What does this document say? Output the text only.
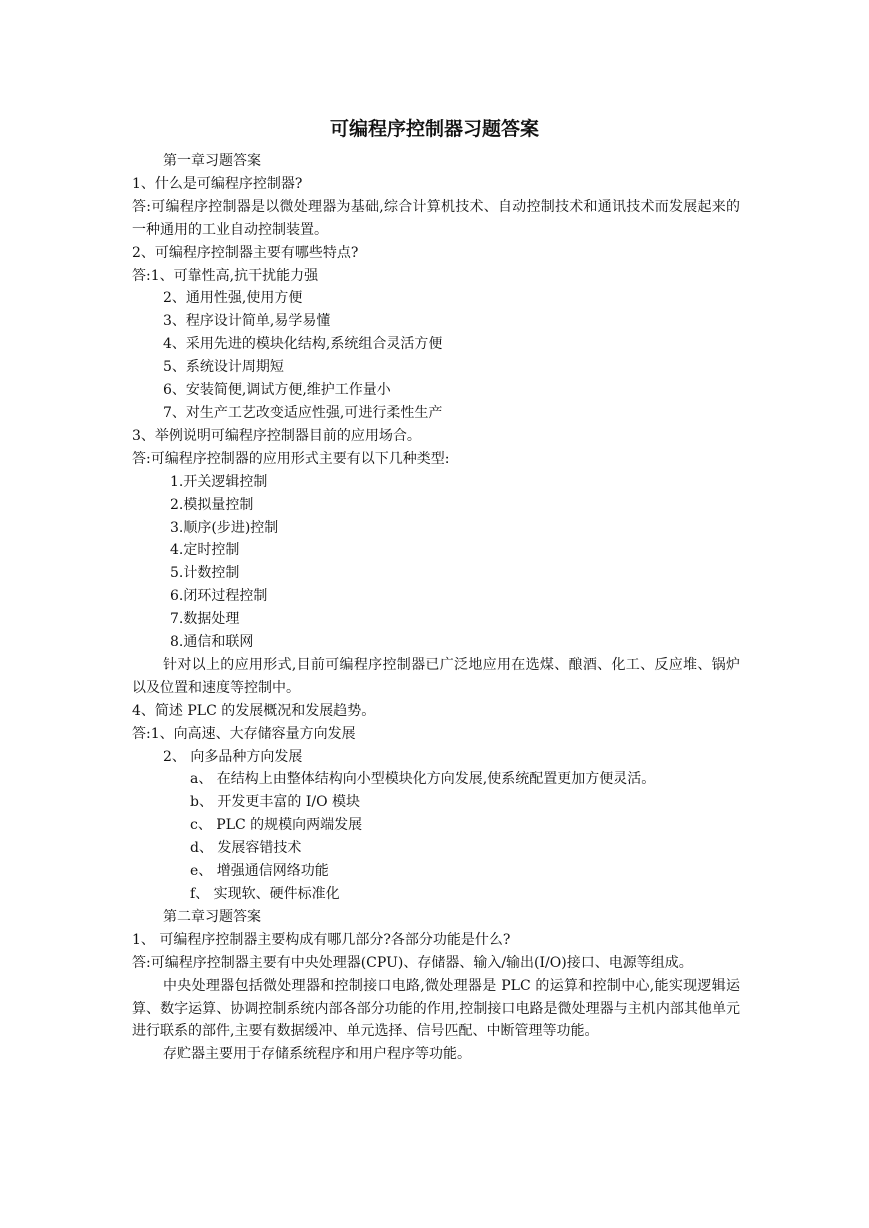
可编程序控制器习题答案
第一章习题答案
1、什么是可编程序控制器?
答:可编程序控制器是以微处理器为基础,综合计算机技术、自动控制技术和通讯技术而发展起来的一种通用的工业自动控制装置。
2、可编程序控制器主要有哪些特点?
答:1、可靠性高,抗干扰能力强
2、通用性强,使用方便
3、程序设计简单,易学易懂
4、采用先进的模块化结构,系统组合灵活方便
5、系统设计周期短
6、安装简便,调试方便,维护工作量小
7、对生产工艺改变适应性强,可进行柔性生产
3、举例说明可编程序控制器目前的应用场合。
答:可编程序控制器的应用形式主要有以下几种类型:
1.开关逻辑控制
2.模拟量控制
3.顺序(步进)控制
4.定时控制
5.计数控制
6.闭环过程控制
7.数据处理
8.通信和联网
针对以上的应用形式,目前可编程序控制器已广泛地应用在选煤、酿酒、化工、反应堆、锅炉以及位置和速度等控制中。
4、简述 PLC 的发展概况和发展趋势。
答:1、向高速、大存储容量方向发展
2、 向多品种方向发展
a、 在结构上由整体结构向小型模块化方向发展,使系统配置更加方便灵活。
b、 开发更丰富的 I/O 模块
c、 PLC 的规模向两端发展
d、 发展容错技术
e、 增强通信网络功能
f、 实现软、硬件标准化
第二章习题答案
1、 可编程序控制器主要构成有哪几部分?各部分功能是什么?
答:可编程序控制器主要有中央处理器(CPU)、存储器、输入/输出(I/O)接口、电源等组成。
中央处理器包括微处理器和控制接口电路,微处理器是 PLC 的运算和控制中心,能实现逻辑运算、数字运算、协调控制系统内部各部分功能的作用,控制接口电路是微处理器与主机内部其他单元进行联系的部件,主要有数据缓冲、单元选择、信号匹配、中断管理等功能。
存贮器主要用于存储系统程序和用户程序等功能。
